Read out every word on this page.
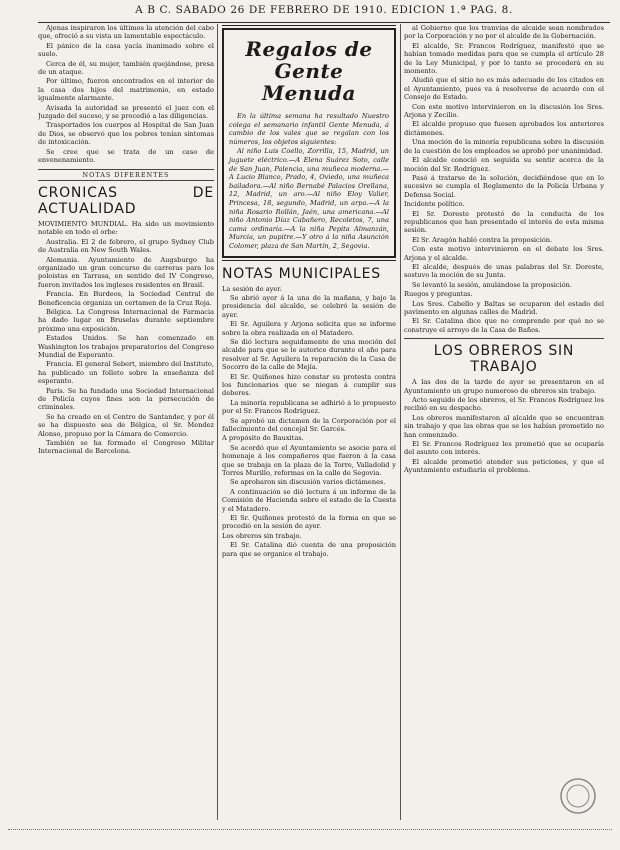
A B C. SABADO 26 DE FEBRERO DE 1910. EDICION 1.ª PAG. 8.

Ajenas inspiraron los últimos la atención del cabo que, ofreció a su vista un lamentable espectáculo.

El pánico de la casa yacía inanimado sobre el suelo.

Cerca de él, su mujer, también quejándose, presa de un ataque.

Por último, fueron encontrados en el interior de la casa dos hijos del matrimonio, en estado igualmente alarmante.

Avisada la autoridad se presentó el juez con el Juzgado del suceso, y se procedió a las diligencias.

Trasportados los cuerpos al Hospital de San Juan de Dios, se observó que los pobres tenían síntomas de intoxicación.

Se cree que se trata de un caso de envenenamiento.

NOTAS DIFERENTES
CRONICAS DE ACTUALIDAD

MOVIMIENTO MUNDIAL. Ha sido un movimiento notable en todo el orbe:

Australia. El 2 de febrero, el grupo Sydney Club de Australia en New South Wales.

Alemania. Ayuntamiento de Augsburgo ha organizado un gran concurso de carreras para los poloistas en Tarrasa, en sentido del IV Congreso, fueron invitados los ingleses residentes en Brasil.

Francia. En Burdeos, la Sociedad Central de Beneficencia organiza un certamen de la Cruz Roja.

Bélgica. La Congress Internacional de Farmacia ha dado lugar en Bruselas durante septiembre próximo una exposición.

Estados Unidos. Se han comenzado en Washington los trabajos preparatorios del Congreso Mundial de Esperanto.

Francia. El general Sebert, miembro del Instituto, ha publicado un folleto sobre la enseñanza del esperanto.

París. Se ha fundado una Sociedad Internacional de Policía cuyos fines son la persecución de criminales.

Se ha creado en el Centro de Santander, y por él se ha dispuesto sea de Bélgica, el Sr. Mendez Alonso, propuso por la Cámara de Comercio.

También se ha formado el Congreso Militar Internacional de Barcelona.

Regalos de Gente Menuda

En la última semana ha resultado Nuestro colega el semanario infantil Gente Menuda, á cambio de los vales que se regalan con los números, los objetos siguientes:

Al niño Luis Coello, Zorrilla, 15, Madrid, un juguete eléctrico.—A Elena Suárez Soto, calle de San Juan, Palencia, una muñeca moderna.—A Lucio Blanco, Prado, 4, Oviedo, una muñeca bailadora.—Al niño Bernabé Palacios Orellana, 12, Madrid, un aro.—Al niño Eloy Valier, Princesa, 18, segundo, Madrid, un arpa.—A la niña Rosario Rollán, Jaén, una americana.—Al niño Antonio Díaz Cabañero, Recoletos, 7, una cama ordinaria.—A la niña Pepita Almanzán, Murcia, un pupitre.—Y otro á la niña Asunción Colomer, plaza de San Martín, 2, Segovia.

NOTAS MUNICIPALES

La sesión de ayer.

Se abrió ayer á la una de la mañana, y bajo la presidencia del alcalde, se celebró la sesión de ayer.

El Sr. Aguilera y Arjona solicita que se informe sobre la obra realizada en el Matadero.

Se dió lectura seguidamente de una moción del alcalde para que se le autorice durante el año para resolver al Sr. Aguilera la reparación de la Casa de Socorro de la calle de Mejía.

El Sr. Quiñones hizo constar su protesta contra los funcionarios que se niegan á cumplir sus deberes.

La minoría republicana se adhirió á lo propuesto por el Sr. Francos Rodríguez.

Se aprobó un dictamen de la Corporación por el fallecimiento del concejal Sr. Garcés.

A propósito de Bauxitas.

Se acordó que el Ayuntamiento se asocie para el homenaje á los compañeros que fueron á la casa que se trabaja en la plaza de la Torre, Valladolid y Torres Murillo, reformas en la calle de Segovia.

Se aprobaron sin discusión varios dictámenes.

A continuación se dió lectura á un informe de la Comisión de Hacienda sobre el estado de la Cuesta y el Matadero.

El Sr. Quiñones protestó de la forma en que se procedió en la sesión de ayer.

Los obreros sin trabajo.

El Sr. Catalina dió cuenta de una proposición para que se organice el trabajo.

al Gobierno que los tranvías de alcaide sean nombrados por la Corporación y no por el alcalde de la Gobernación.

El alcalde, Sr. Francos Rodríguez, manifestó que se habían tomado medidas para que se cumpla el artículo 28 de la Ley Municipal, y por lo tanto se procederá en su momento.

Aludió que el sitio no es más adecuado de los citados en el Ayuntamiento, pues va á resolverse de acuerdo con el Consejo de Estado.

Con este motivo intervinieron en la discusión los Sres. Arjona y Zecilio.

El alcalde propuso que fuesen aprobados los anteriores dictámenes.

Una moción de la minoría republicana sobre la discusión de la cuestión de los empleados se aprobó por unanimidad.

El alcalde conoció en seguida su sentir acerca de la moción del Sr. Rodríguez.

Pasó á tratarse de la solución, decidiéndose que en lo sucesivo se cumpla el Reglamento de la Policía Urbana y Defensa Social.

Incidente político.

El Sr. Doreste protestó de la conducta de los republicanos que han presentado el interés de esta misma sesión.

El Sr. Aragón habló contra la proposición.

Con este motivo intervinieron en el debate los Sres. Arjona y el alcalde.

El alcalde, después de unas palabras del Sr. Doreste, sostuvo la moción de su Junta.

Se levantó la sesión, anulándose la proposición.

Ruegos y preguntas.

Los Sres. Cabello y Baltas se ocuparon del estado del pavimento en algunas calles de Madrid.

El Sr. Catalina dice que no comprende por qué no se construye el arroyo de la Casa de Baños.

LOS OBREROS SIN TRABAJO

A las dos de la tarde de ayer se presentaron en el Ayuntamiento un grupo numeroso de obreros sin trabajo.

Acto seguido de los obreros, el Sr. Francos Rodríguez los recibió en su despacho.

Los obreros manifestaron al alcalde que se encuentran sin trabajo y que las obras que se les habían prometido no han comenzado.

El Sr. Francos Rodríguez les prometió que se ocuparía del asunto con interés.

El alcalde prometió atender sus peticiones, y que el Ayuntamiento estudiaría el problema.
